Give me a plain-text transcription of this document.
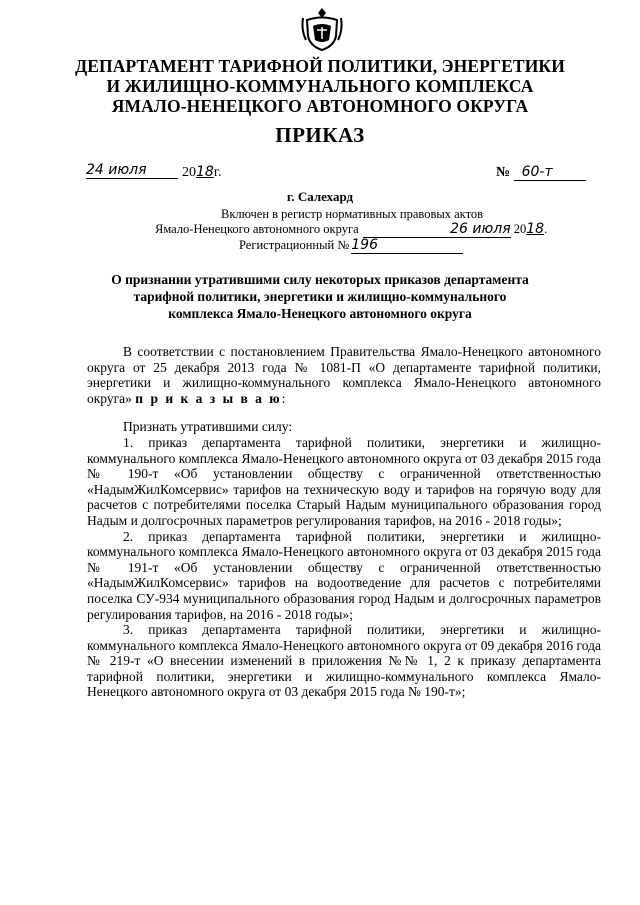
ДЕПАРТАМЕНТ ТАРИФНОЙ ПОЛИТИКИ, ЭНЕРГЕТИКИ
И ЖИЛИЩНО-КОММУНАЛЬНОГО КОМПЛЕКСА
ЯМАЛО-НЕНЕЦКОГО АВТОНОМНОГО ОКРУГА
ПРИКАЗ
24 июля	2018г.	№ 60-т
г. Салехард
Включен в регистр нормативных правовых актов
Ямало-Ненецкого автономного округа	26 июля 2018.
Регистрационный № 196
О признании утратившими силу некоторых приказов департамента тарифной политики, энергетики и жилищно-коммунального комплекса Ямало-Ненецкого автономного округа

В соответствии с постановлением Правительства Ямало-Ненецкого автономного округа от 25 декабря 2013 года № 1081-П «О департаменте тарифной политики, энергетики и жилищно-коммунального комплекса Ямало-Ненецкого автономного округа» п р и к а з ы в а ю:

Признать утратившими силу:

1. приказ департамента тарифной политики, энергетики и жилищно-коммунального комплекса Ямало-Ненецкого автономного округа от 03 декабря 2015 года № 190-т «Об установлении обществу с ограниченной ответственностью «НадымЖилКомсервис» тарифов на техническую воду и тарифов на горячую воду для расчетов с потребителями поселка Старый Надым муниципального образования город Надым и долгосрочных параметров регулирования тарифов, на 2016 - 2018 годы»;

2. приказ департамента тарифной политики, энергетики и жилищно-коммунального комплекса Ямало-Ненецкого автономного округа от 03 декабря 2015 года № 191-т «Об установлении обществу с ограниченной ответственностью «НадымЖилКомсервис» тарифов на водоотведение для расчетов с потребителями поселка СУ-934 муниципального образования город Надым и долгосрочных параметров регулирования тарифов, на 2016 - 2018 годы»;

3. приказ департамента тарифной политики, энергетики и жилищно-коммунального комплекса Ямало-Ненецкого автономного округа от 09 декабря 2016 года № 219-т «О внесении изменений в приложения №№ 1, 2 к приказу департамента тарифной политики, энергетики и жилищно-коммунального комплекса Ямало-Ненецкого автономного округа от 03 декабря 2015 года № 190-т»;
